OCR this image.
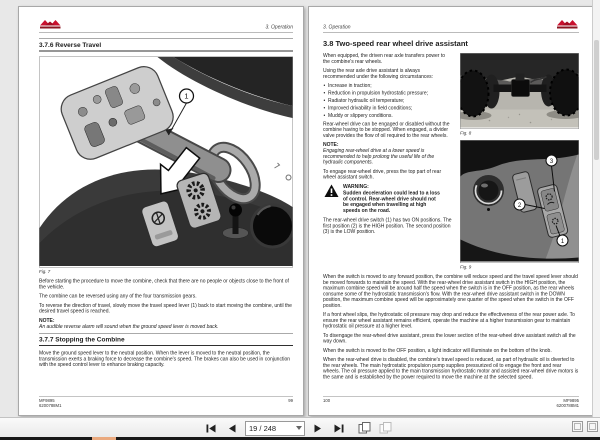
3. Operation
3.7.6 Reverse Travel
1
Fig. 7

Before starting the procedure to move the combine, check that there are no people or objects close to the front of the vehicle.

The combine can be reversed using any of the four transmission gears.

To reverse the direction of travel, slowly move the travel speed lever (1) back to start moving the combine, until the desired travel speed is reached.

NOTE:
An audible reverse alarm will sound when the ground speed lever is moved back.
3.7.7 Stopping the Combine

Move the ground speed lever to the neutral position. When the lever is moved to the neutral position, the transmission exerts a braking force to decrease the combine's speed. The brakes can also be used in conjunction with the speed control lever to enhance braking capacity.

MF9895
6200788M1
99
3. Operation
3.8 Two-speed rear wheel drive assistant

When equipped, the driven rear axle transfers power to the combine's rear wheels.

Using the rear axle drive assistant is always recommended under the following circumstances:

• Increase in traction;
• Reduction in propulsion hydrostatic pressure;
• Radiator hydraulic oil temperature;
• Improved drivability in field conditions;
• Muddy or slippery conditions.

Rear-wheel drive can be engaged or disabled without the combine having to be stopped. When engaged, a divider valve provides the flow of oil required to the rear wheels.

NOTE:
Engaging rear-wheel drive at a lower speed is recommended to help prolong the useful life of the hydraulic components.

To engage rear-wheel drive, press the top part of rear wheel assistant switch.

WARNING:
Sudden deceleration could lead to a loss of control. Rear-wheel drive should not be engaged when travelling at high speeds on the road.

The rear-wheel drive switch (1) has two ON positions. The first position (2) is the HIGH position. The second position (3) is the LOW position.

Fig. 8
3
2
1
Fig. 9

When the switch is moved to any forward position, the combine will reduce speed and the travel speed lever should be moved forwards to maintain the speed. With the rear-wheel drive assistant switch in the HIGH position, the maximum combine speed will be around half the speed when the switch is in the OFF position, as the rear wheels consume some of the hydrostatic transmission's flow. With the rear-wheel drive assistant switch in the DOWN position, the maximum combine speed will be approximately one quarter of the speed when the switch in the OFF position.

If a front wheel slips, the hydrostatic oil pressure may drop and reduce the effectiveness of the rear power axle. To ensure the rear wheel assistant remains efficient, operate the machine at a higher transmission gear to maintain hydrostatic oil pressure at a higher level.

To disengage the rear-wheel drive assistant, press the lower section of the rear-wheel drive assistant switch all the way down.

When the switch is moved to the OFF position, a light indicator will illuminate on the bottom of the knob.

When the rear-wheel drive is disabled, the combine's travel speed is reduced, as part of hydraulic oil is diverted to the rear wheels. The main hydrostatic propulsion pump supplies pressurized oil to engage the front and rear wheels. The oil pressure applied to the main transmission hydrostatic motor and assisted rear-wheel drive motors is the same and is established by the power required to move the machine at the selected speed.

100	MF9895
6200788M1
19 / 248
